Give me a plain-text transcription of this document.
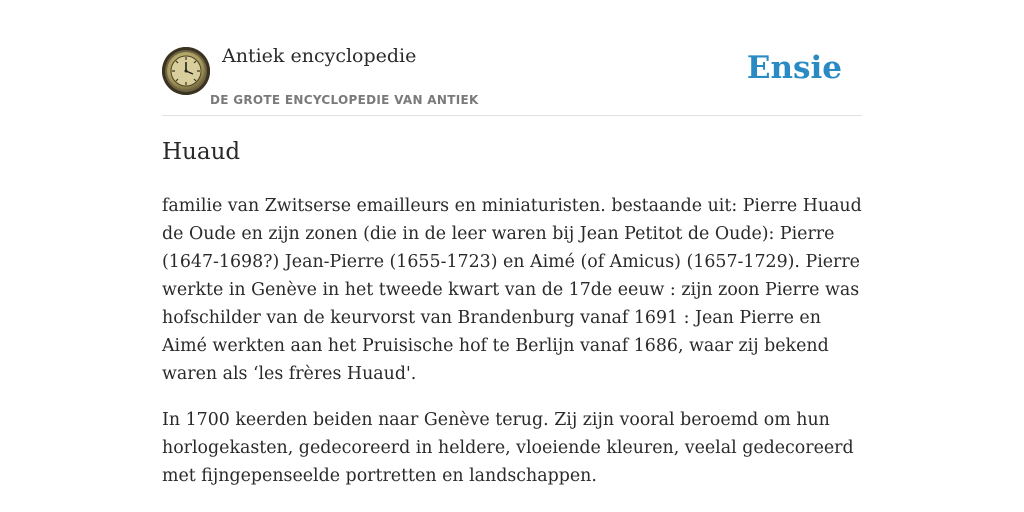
Antiek encyclopedie
DE GROTE ENCYCLOPEDIE VAN ANTIEK
Ensie
Huaud

familie van Zwitserse emailleurs en miniaturisten. bestaande uit: Pierre Huaud de Oude en zijn zonen (die in de leer waren bij Jean Petitot de Oude): Pierre (1647-1698?) Jean-Pierre (1655-1723) en Aimé (of Amicus) (1657-1729). Pierre werkte in Genève in het tweede kwart van de 17de eeuw : zijn zoon Pierre was hofschilder van de keurvorst van Brandenburg vanaf 1691 : Jean Pierre en Aimé werkten aan het Pruisische hof te Berlijn vanaf 1686, waar zij bekend waren als ‘les frères Huaud'.

In 1700 keerden beiden naar Genève terug. Zij zijn vooral beroemd om hun horlogekasten, gedecoreerd in heldere, vloeiende kleuren, veelal gedecoreerd met fijngepenseelde portretten en landschappen.
